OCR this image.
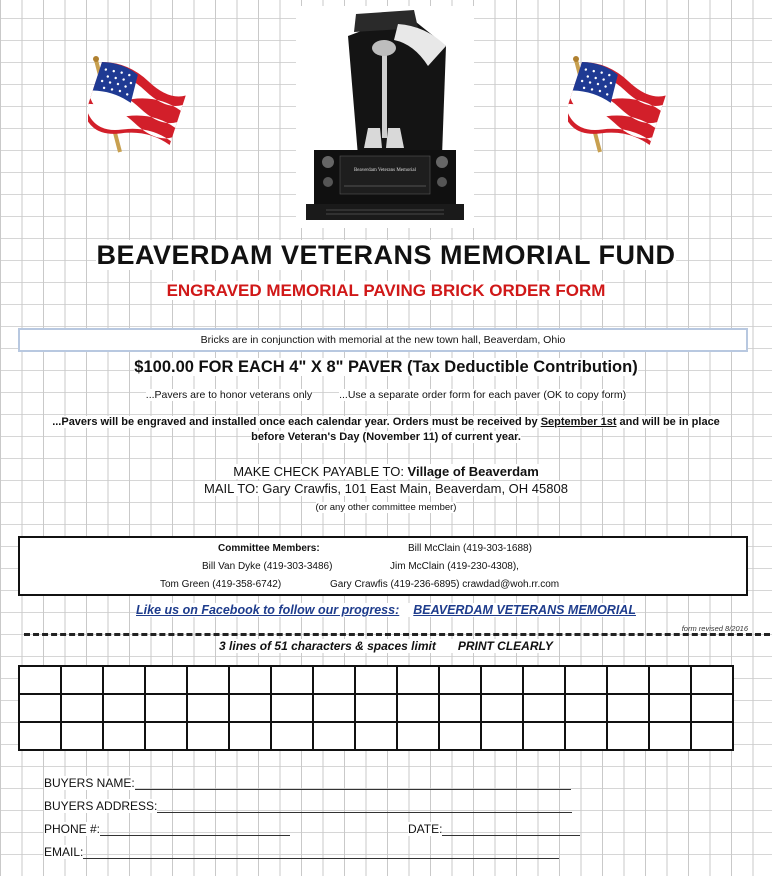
Beaverdam Veterans Memorial
BEAVERDAM VETERANS MEMORIAL FUND
ENGRAVED MEMORIAL PAVING BRICK ORDER FORM
Bricks are in conjunction with memorial at the new town hall, Beaverdam, Ohio
$100.00 FOR EACH 4" X 8" PAVER (Tax Deductible Contribution)
...Pavers are to honor veterans only	...Use a separate order form for each paver (OK to copy form)
...Pavers will be engraved and installed once each calendar year. Orders must be received by September 1st and will be in place
before Veteran's Day (November 11) of current year.
MAKE CHECK PAYABLE TO: Village of Beaverdam
MAIL TO: Gary Crawfis, 101 East Main, Beaverdam, OH 45808
(or any other committee member)
Committee Members:	Bill McClain (419-303-1688)
Bill Van Dyke (419-303-3486)	Jim McClain (419-230-4308),
Tom Green (419-358-6742)	Gary Crawfis (419-236-6895) crawdad@woh.rr.com
Like us on Facebook to follow our progress: BEAVERDAM VETERANS MEMORIAL
form revised 8/2016
3 lines of 51 characters & spaces limit PRINT CLEARLY

BUYERS NAME:
BUYERS ADDRESS:
PHONE #:	DATE:
EMAIL:
